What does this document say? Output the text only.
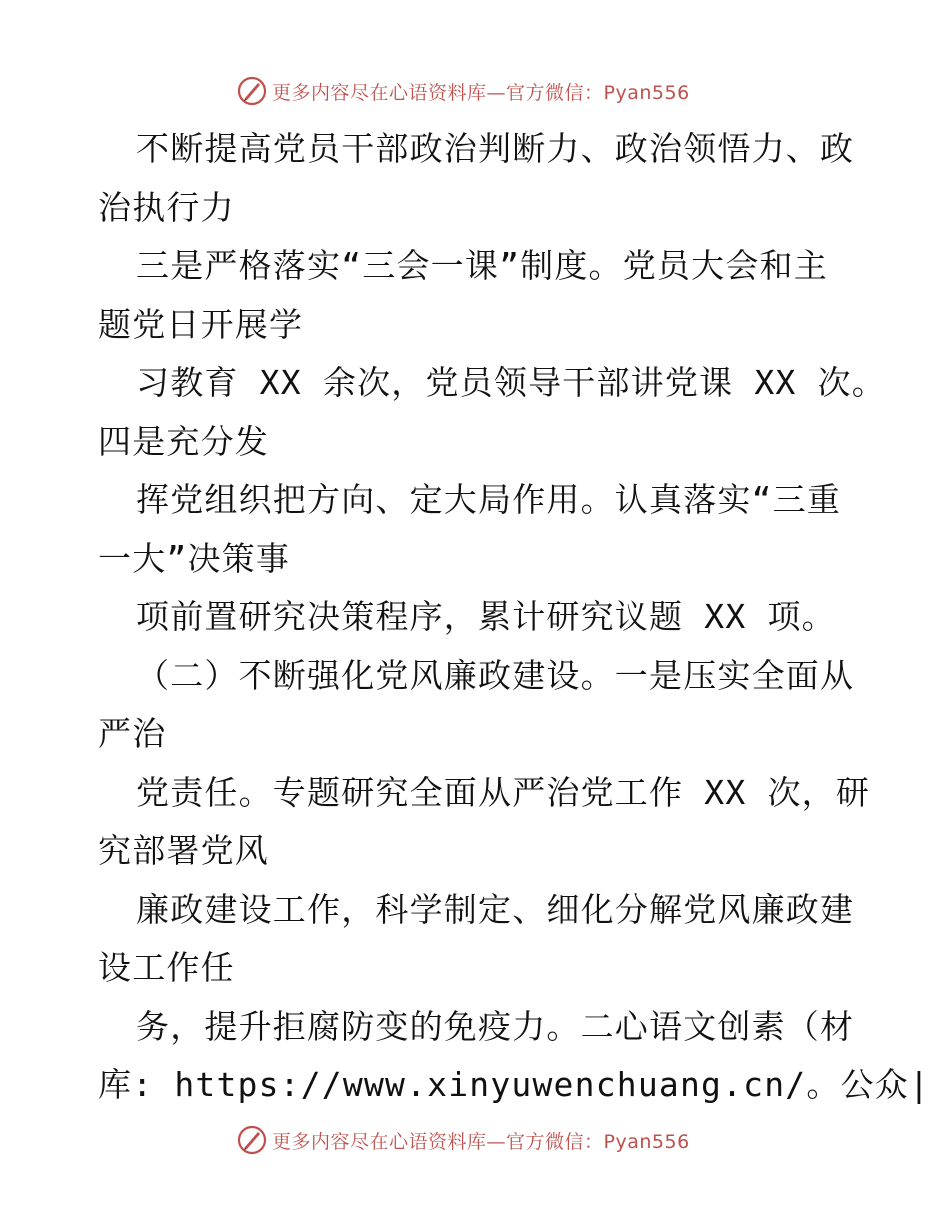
更多内容尽在心语资料库—官方微信：Pyan556
不断提高党员干部政治判断力、政治领悟力、政
治执行力
三是严格落实“三会一课”制度。党员大会和主
题党日开展学
习教育 XX 余次，党员领导干部讲党课 XX 次。
四是充分发
挥党组织把方向、定大局作用。认真落实“三重
一大”决策事
项前置研究决策程序，累计研究议题 XX 项。
（二）不断强化党风廉政建设。一是压实全面从
严治
党责任。专题研究全面从严治党工作 XX 次，研
究部署党风
廉政建设工作，科学制定、细化分解党风廉政建
设工作任
务，提升拒腐防变的免疫力。二心语文创素（材
库: https://www.xinyuwenchuang.cn/。公众|
更多内容尽在心语资料库—官方微信：Pyan556
